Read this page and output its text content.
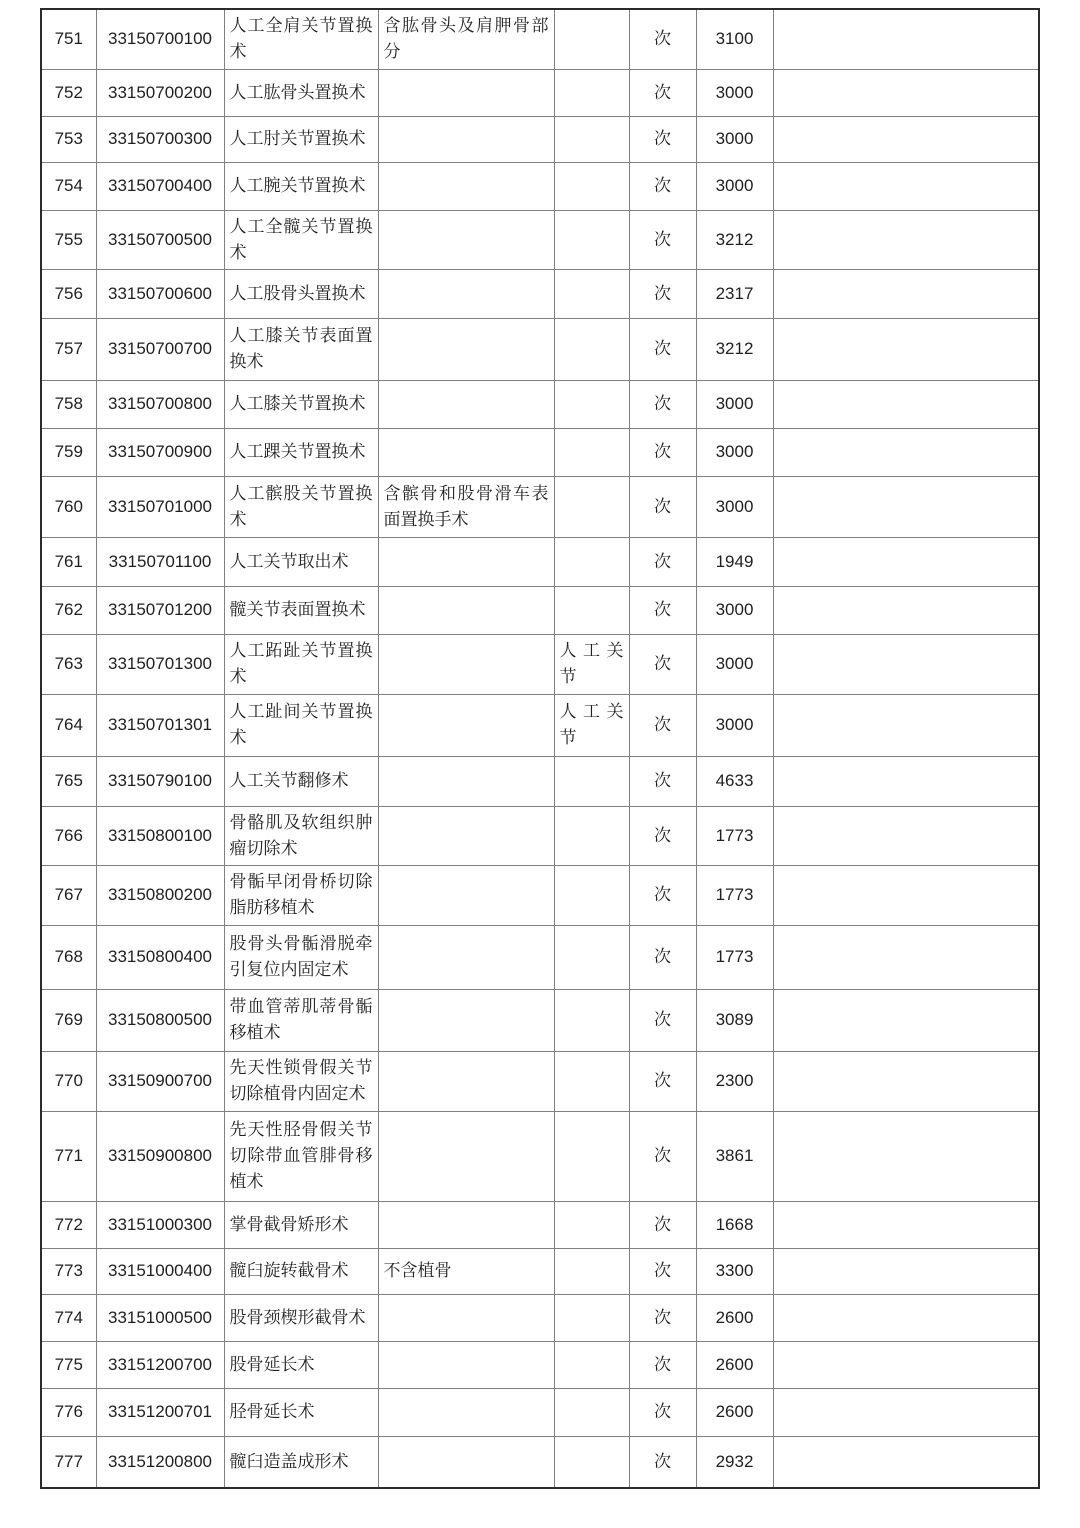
751	33150700100	人工全肩关节置换术	含肱骨头及肩胛骨部分		次	3100	
752	33150700200	人工肱骨头置换术			次	3000	
753	33150700300	人工肘关节置换术			次	3000	
754	33150700400	人工腕关节置换术			次	3000	
755	33150700500	人工全髋关节置换术			次	3212	
756	33150700600	人工股骨头置换术			次	2317	
757	33150700700	人工膝关节表面置换术			次	3212	
758	33150700800	人工膝关节置换术			次	3000	
759	33150700900	人工踝关节置换术			次	3000	
760	33150701000	人工髌股关节置换术	含髌骨和股骨滑车表面置换手术		次	3000	
761	33150701100	人工关节取出术			次	1949	
762	33150701200	髋关节表面置换术			次	3000	
763	33150701300	人工跖趾关节置换术		人工关节	次	3000	
764	33150701301	人工趾间关节置换术		人工关节	次	3000	
765	33150790100	人工关节翻修术			次	4633	
766	33150800100	骨骼肌及软组织肿瘤切除术			次	1773	
767	33150800200	骨骺早闭骨桥切除脂肪移植术			次	1773	
768	33150800400	股骨头骨骺滑脱牵引复位内固定术			次	1773	
769	33150800500	带血管蒂肌蒂骨骺移植术			次	3089	
770	33150900700	先天性锁骨假关节切除植骨内固定术			次	2300	
771	33150900800	先天性胫骨假关节切除带血管腓骨移植术			次	3861	
772	33151000300	掌骨截骨矫形术			次	1668	
773	33151000400	髋臼旋转截骨术	不含植骨		次	3300	
774	33151000500	股骨颈楔形截骨术			次	2600	
775	33151200700	股骨延长术			次	2600	
776	33151200701	胫骨延长术			次	2600	
777	33151200800	髋臼造盖成形术			次	2932	
